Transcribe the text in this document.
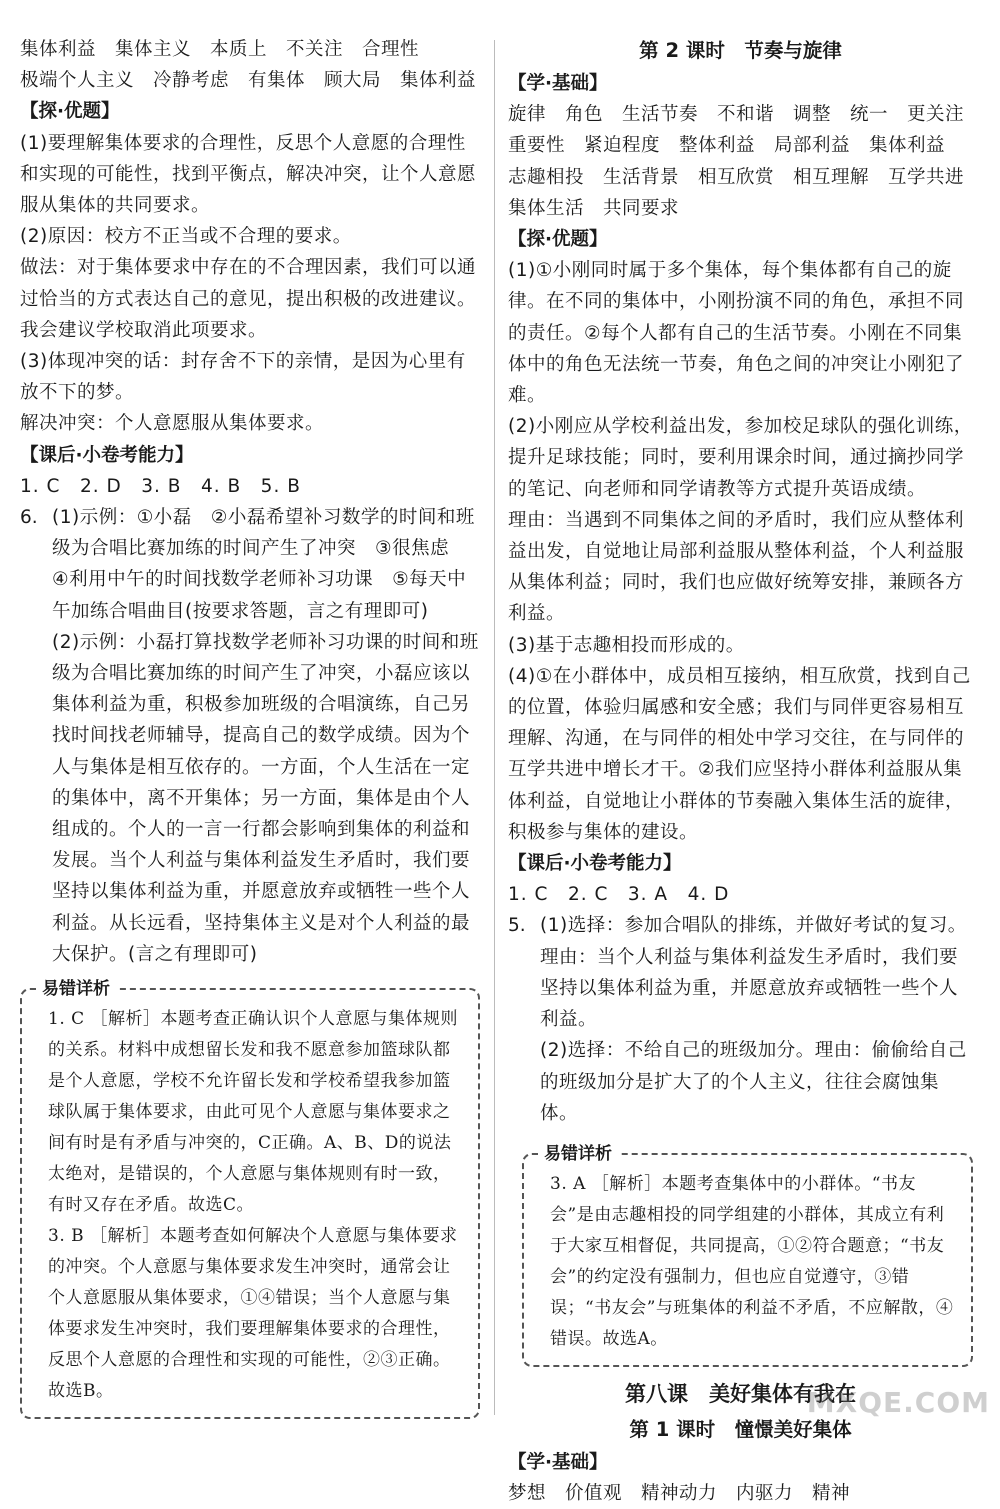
集体利益　集体主义　本质上　不关注　合理性
极端个人主义　冷静考虑　有集体　顾大局　集体利益
【探·优题】
(1)要理解集体要求的合理性，反思个人意愿的合理性和实现的可能性，找到平衡点，解决冲突，让个人意愿服从集体的共同要求。
(2)原因：校方不正当或不合理的要求。
做法：对于集体要求中存在的不合理因素，我们可以通过恰当的方式表达自己的意见，提出积极的改进建议。我会建议学校取消此项要求。
(3)体现冲突的话：封存舍不下的亲情，是因为心里有放不下的梦。
解决冲突：个人意愿服从集体要求。
【课后·小卷考能力】
1. C　2. D　3. B　4. B　5. B
6. (1)示例：①小磊　②小磊希望补习数学的时间和班级为合唱比赛加练的时间产生了冲突　③很焦虑　④利用中午的时间找数学老师补习功课　⑤每天中午加练合唱曲目(按要求答题，言之有理即可)
(2)示例：小磊打算找数学老师补习功课的时间和班级为合唱比赛加练的时间产生了冲突，小磊应该以集体利益为重，积极参加班级的合唱演练，自己另找时间找老师辅导，提高自己的数学成绩。因为个人与集体是相互依存的。一方面，个人生活在一定的集体中，离不开集体；另一方面，集体是由个人组成的。个人的一言一行都会影响到集体的利益和发展。当个人利益与集体利益发生矛盾时，我们要坚持以集体利益为重，并愿意放弃或牺牲一些个人利益。从长远看，坚持集体主义是对个人利益的最大保护。(言之有理即可)
易错详析
1. C ［解析］本题考查正确认识个人意愿与集体规则的关系。材料中成想留长发和我不愿意参加篮球队都是个人意愿，学校不允许留长发和学校希望我参加篮球队属于集体要求，由此可见个人意愿与集体要求之间有时是有矛盾与冲突的，C正确。A、B、D的说法太绝对，是错误的，个人意愿与集体规则有时一致，有时又存在矛盾。故选C。
3. B ［解析］本题考查如何解决个人意愿与集体要求的冲突。个人意愿与集体要求发生冲突时，通常会让个人意愿服从集体要求，①④错误；当个人意愿与集体要求发生冲突时，我们要理解集体要求的合理性，反思个人意愿的合理性和实现的可能性，②③正确。故选B。
第 2 课时　节奏与旋律
【学·基础】
旋律　角色　生活节奏　不和谐　调整　统一　更关注
重要性　紧迫程度　整体利益　局部利益　集体利益
志趣相投　生活背景　相互欣赏　相互理解　互学共进
集体生活　共同要求
【探·优题】
(1)①小刚同时属于多个集体，每个集体都有自己的旋律。在不同的集体中，小刚扮演不同的角色，承担不同的责任。②每个人都有自己的生活节奏。小刚在不同集体中的角色无法统一节奏，角色之间的冲突让小刚犯了难。
(2)小刚应从学校利益出发，参加校足球队的强化训练，提升足球技能；同时，要利用课余时间，通过摘抄同学的笔记、向老师和同学请教等方式提升英语成绩。
理由：当遇到不同集体之间的矛盾时，我们应从整体利益出发，自觉地让局部利益服从整体利益，个人利益服从集体利益；同时，我们也应做好统筹安排，兼顾各方利益。
(3)基于志趣相投而形成的。
(4)①在小群体中，成员相互接纳，相互欣赏，找到自己的位置，体验归属感和安全感；我们与同伴更容易相互理解、沟通，在与同伴的相处中学习交往，在与同伴的互学共进中增长才干。②我们应坚持小群体利益服从集体利益，自觉地让小群体的节奏融入集体生活的旋律，积极参与集体的建设。
【课后·小卷考能力】
1. C　2. C　3. A　4. D
5. (1)选择：参加合唱队的排练，并做好考试的复习。理由：当个人利益与集体利益发生矛盾时，我们要坚持以集体利益为重，并愿意放弃或牺牲一些个人利益。
(2)选择：不给自己的班级加分。理由：偷偷给自己的班级加分是扩大了的个人主义，往往会腐蚀集体。
易错详析
3. A ［解析］本题考查集体中的小群体。“书友会”是由志趣相投的同学组建的小群体，其成立有利于大家互相督促，共同提高，①②符合题意；“书友会”的约定没有强制力，但也应自觉遵守，③错误；“书友会”与班集体的利益不矛盾，不应解散，④错误。故选A。
第八课　美好集体有我在
第 1 课时　憧憬美好集体
【学·基础】
梦想　价值观　精神动力　内驱力　精神
MXQE.COM
